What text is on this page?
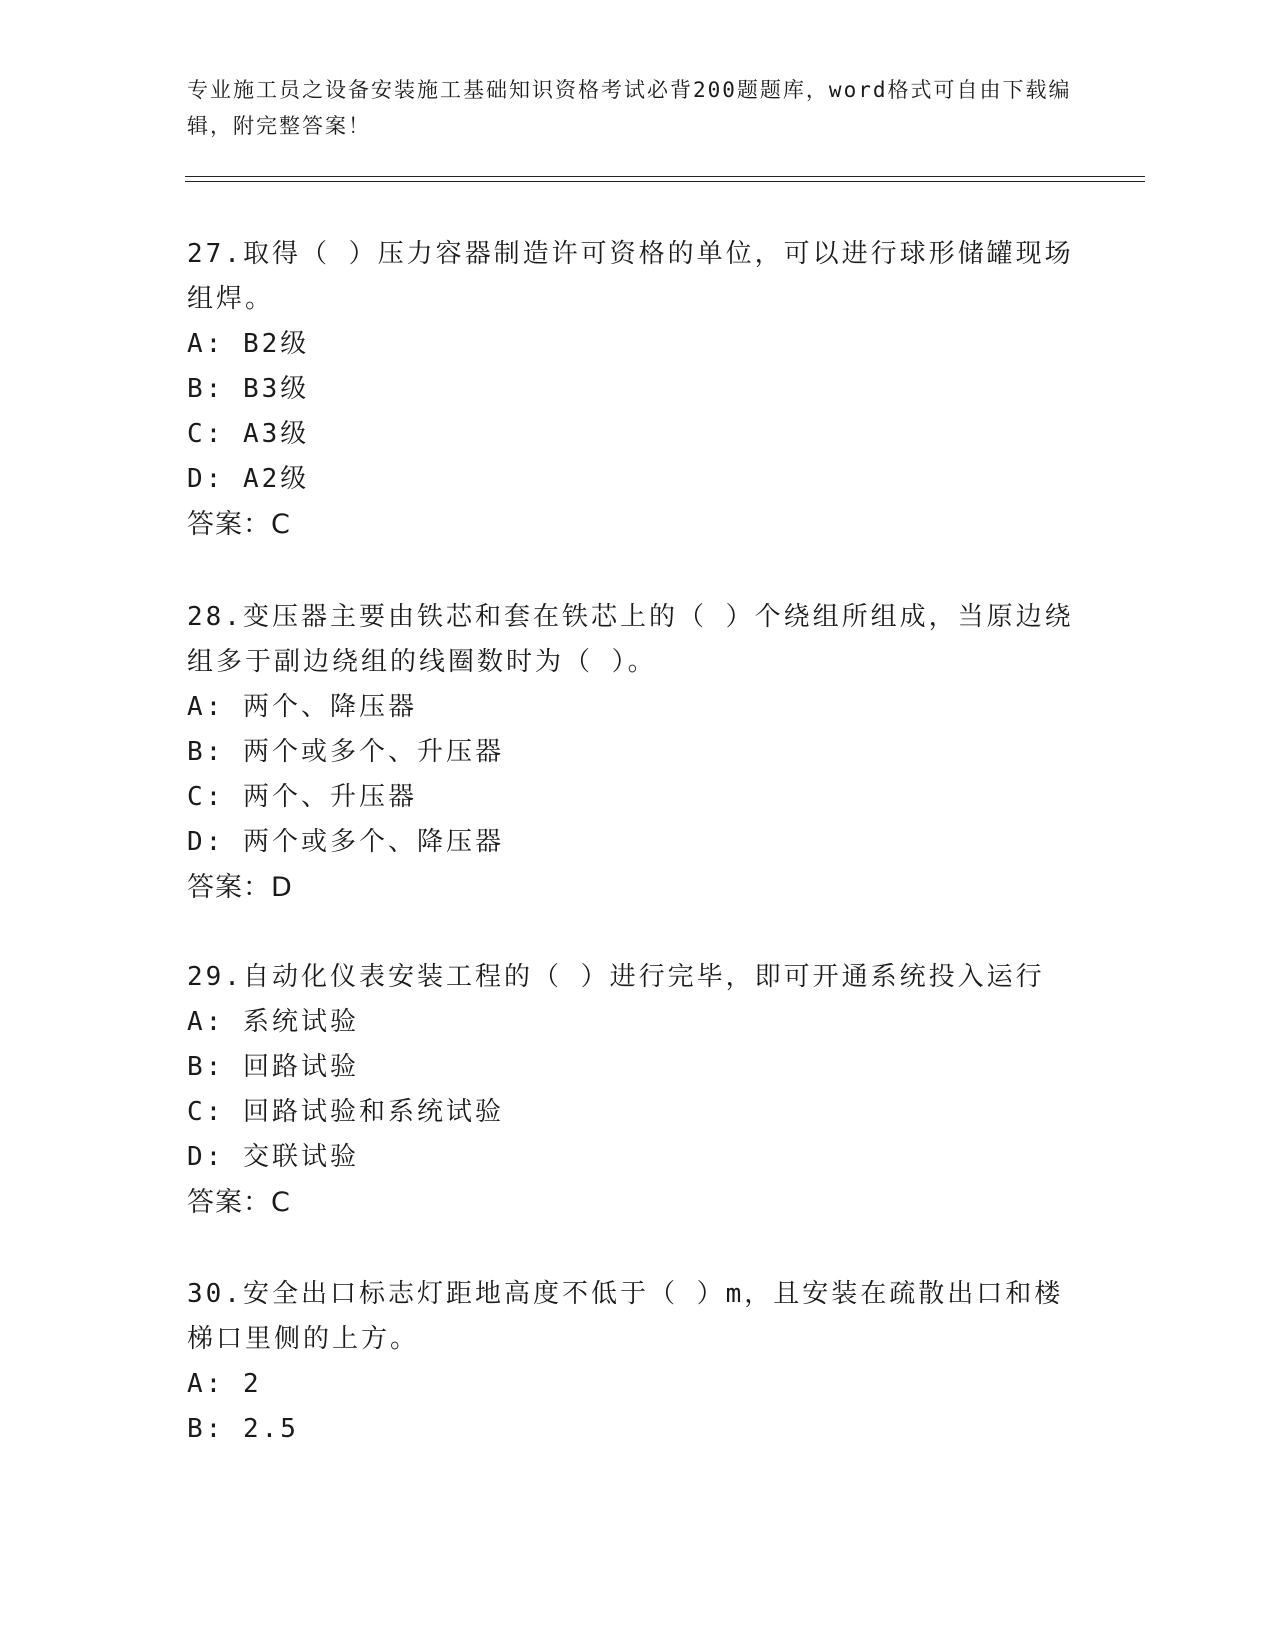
专业施工员之设备安装施工基础知识资格考试必背200题题库，word格式可自由下载编辑，附完整答案！
27.取得（ ）压力容器制造许可资格的单位，可以进行球形储罐现场组焊。
A: B2级
B: B3级
C: A3级
D: A2级
答案：C
28.变压器主要由铁芯和套在铁芯上的（ ）个绕组所组成，当原边绕组多于副边绕组的线圈数时为（ ）。
A: 两个、降压器
B: 两个或多个、升压器
C: 两个、升压器
D: 两个或多个、降压器
答案：D
29.自动化仪表安装工程的（ ）进行完毕，即可开通系统投入运行
A: 系统试验
B: 回路试验
C: 回路试验和系统试验
D: 交联试验
答案：C
30.安全出口标志灯距地高度不低于（ ）m，且安装在疏散出口和楼梯口里侧的上方。
A: 2
B: 2.5
